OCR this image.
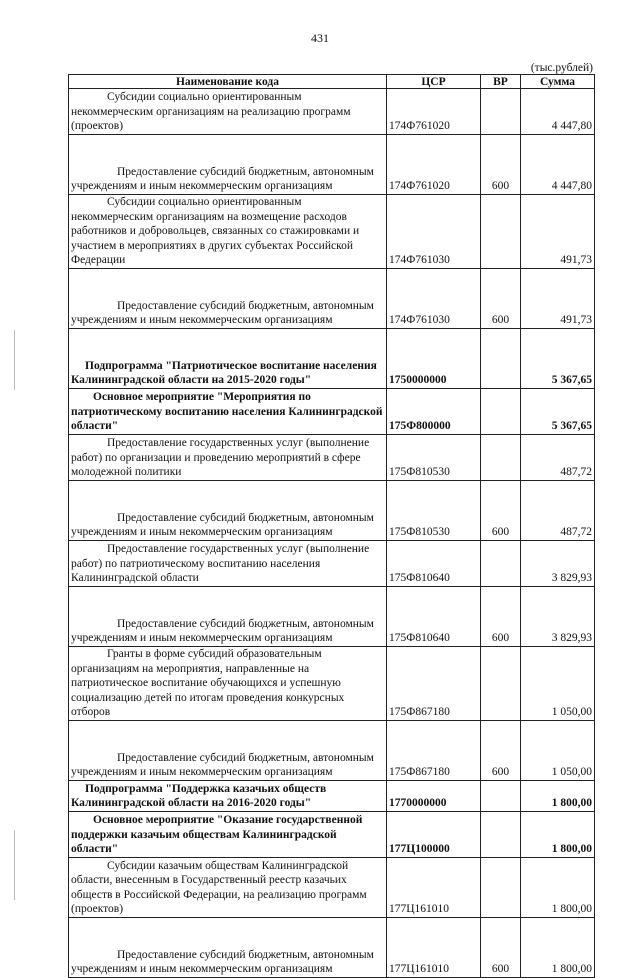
431
(тыс.рублей)
Наименование кода	ЦСР	ВР	Сумма
Субсидии социально ориентированным некоммерческим организациям на реализацию программ (проектов)	174Ф761020		4 447,80
Предоставление субсидий бюджетным, автономным учреждениям и иным некоммерческим организациям	174Ф761020	600	4 447,80
Субсидии социально ориентированным некоммерческим организациям на возмещение расходов работников и добровольцев, связанных со стажировками и участием в мероприятиях в других субъектах Российской Федерации	174Ф761030		491,73
Предоставление субсидий бюджетным, автономным учреждениям и иным некоммерческим организациям	174Ф761030	600	491,73
Подпрограмма "Патриотическое воспитание населения Калининградской области на 2015-2020 годы"	1750000000		5 367,65
Основное мероприятие "Мероприятия по патриотическому воспитанию населения Калининградской области"	175Ф800000		5 367,65
Предоставление государственных услуг (выполнение работ) по организации и проведению мероприятий в сфере молодежной политики	175Ф810530		487,72
Предоставление субсидий бюджетным, автономным учреждениям и иным некоммерческим организациям	175Ф810530	600	487,72
Предоставление государственных услуг (выполнение работ) по патриотическому воспитанию населения Калининградской области	175Ф810640		3 829,93
Предоставление субсидий бюджетным, автономным учреждениям и иным некоммерческим организациям	175Ф810640	600	3 829,93
Гранты в форме субсидий образовательным организациям на мероприятия, направленные на патриотическое воспитание обучающихся и успешную социализацию детей по итогам проведения конкурсных отборов	175Ф867180		1 050,00
Предоставление субсидий бюджетным, автономным учреждениям и иным некоммерческим организациям	175Ф867180	600	1 050,00
Подпрограмма "Поддержка казачьих обществ Калининградской области на 2016-2020 годы"	1770000000		1 800,00
Основное мероприятие "Оказание государственной поддержки казачьим обществам Калининградской области"	177Ц100000		1 800,00
Субсидии казачьим обществам Калининградской области, внесенным в Государственный реестр казачьих обществ в Российской Федерации, на реализацию программ (проектов)	177Ц161010		1 800,00
Предоставление субсидий бюджетным, автономным учреждениям и иным некоммерческим организациям	177Ц161010	600	1 800,00
